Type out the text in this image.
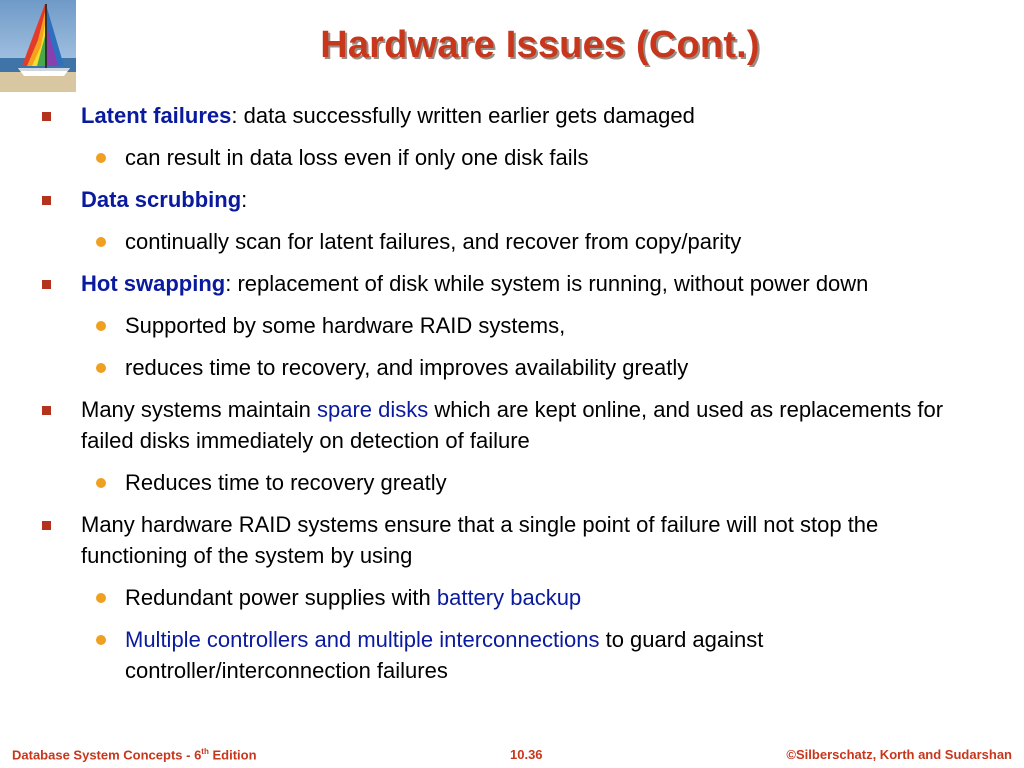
Hardware Issues (Cont.)
Latent failures: data successfully written earlier gets damaged
can result in data loss even if only one disk fails
Data scrubbing:
continually scan for latent failures, and recover from copy/parity
Hot swapping: replacement of disk while system is running, without power down
Supported by some hardware RAID systems,
reduces time to recovery, and improves availability greatly
Many systems maintain spare disks which are kept online, and used as replacements for failed disks immediately on detection of failure
Reduces time to recovery greatly
Many hardware RAID systems ensure that a single point of failure will not stop the functioning of the system by using
Redundant power supplies with battery backup
Multiple controllers and multiple interconnections to guard against controller/interconnection failures
Database System Concepts - 6th Edition	10.36	©Silberschatz, Korth and Sudarshan
